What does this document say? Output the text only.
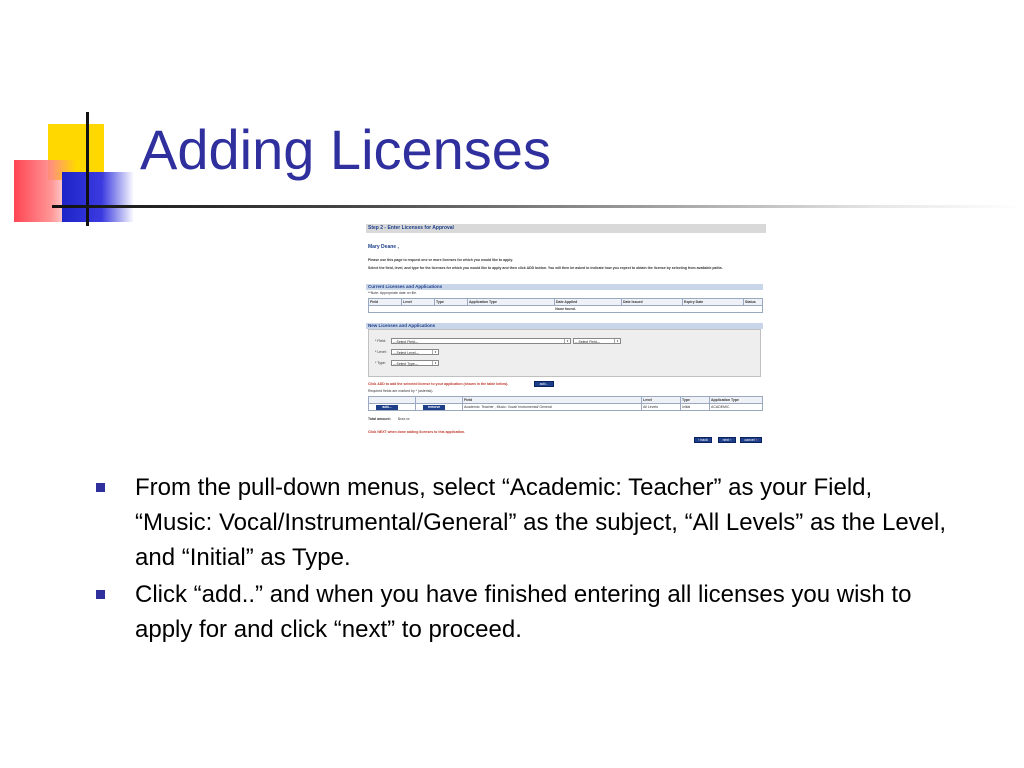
Adding Licenses
Step 2 - Enter Licenses for Approval
Mary Deane ,
Please use this page to request one or more licenses for which you would like to apply.
Select the field, level, and type for the licenses for which you would like to apply and then click ADD button. You will then be asked to indicate how you expect to obtain the license by selecting from available paths.
Current Licenses and Applications
**Note: Appropriate date on file.
Field	Level	Type	Application Type	Date Applied	Date Issued	Expiry Date	Status
None found.
New Licenses and Applications
* Field:	---Select Field---	▾	---Select Field---	▾
* Level:	---Select Level---	▾
* Type:	---Select Type---	▾
Click ADD to add the selected license to your application (shown in the table below).	add...
Required fields are marked by * (asterisk).
		Field	Level	Type	Application Type

add...	remove	Academic: Teacher , Music: Vocal/ Instrumental/ General	All Levels	Initial	ACADEMIC
Total amount: $xxx.xx
Click NEXT when done adding licenses to this application.
‹ back	next ›	cancel ×
From the pull-down menus, select “Academic: Teacher” as your Field, “Music: Vocal/Instrumental/General” as the subject, “All Levels” as the Level, and “Initial” as Type.
Click “add..” and when you have finished entering all licenses you wish to apply for and click “next” to proceed.
